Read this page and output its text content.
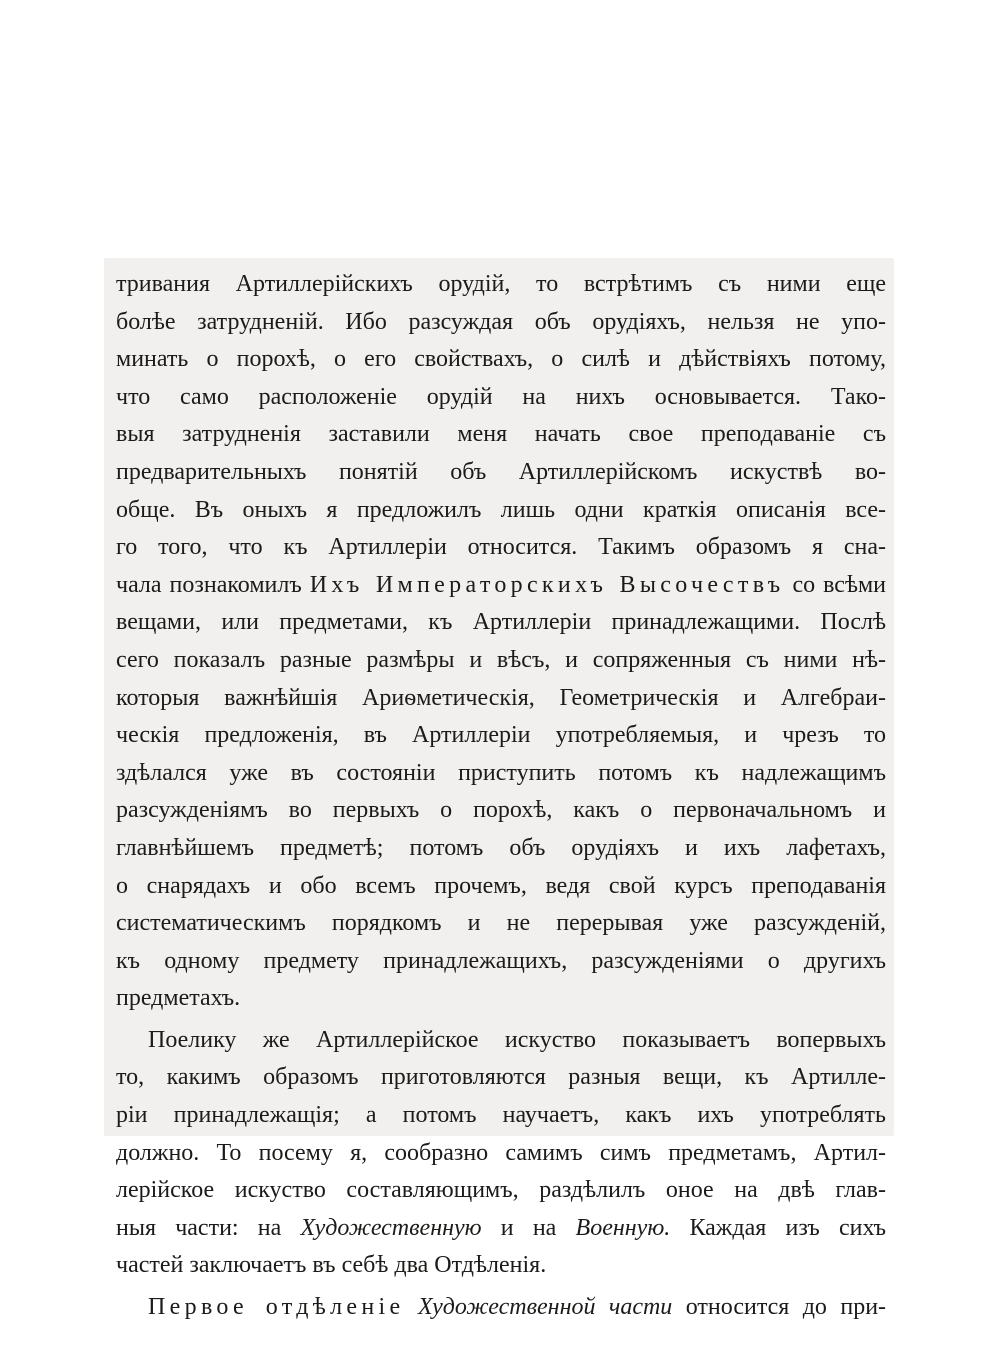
тривания Артиллерiйскихъ орудiй, то встрѣтимъ съ ними еще
болѣе затрудненiй. Ибо разсуждая объ орудiяхъ, нельзя не упо-
минать о порохѣ, о его свойствахъ, о силѣ и дѣйствiяхъ потому,
что само расположенiе орудiй на нихъ основывается. Тако-
выя затрудненiя заставили меня начать свое преподаванiе съ
предварительныхъ понятiй объ Артиллерiйскомъ искуствѣ во-
обще. Въ оныхъ я предложилъ лишь одни краткiя описанiя все-
го того, что къ Артиллерiи относится. Такимъ образомъ я сна-
чала познакомилъ Ихъ Императорскихъ Высочествъ со всѣми
вещами, или предметами, къ Артиллерiи принадлежащими. Послѣ
сего показалъ разные размѣры и вѣсъ, и сопряженныя съ ними нѣ-
которыя важнѣйшiя Ариѳметическiя, Геометрическiя и Алгебраи-
ческiя предложенiя, въ Артиллерiи употребляемыя, и чрезъ то
здѣлался уже въ состоянiи приступить потомъ къ надлежащимъ
разсужденiямъ во первыхъ о порохѣ, какъ о первоначальномъ и
главнѣйшемъ предметѣ; потомъ объ орудiяхъ и ихъ лафетахъ,
о снарядахъ и обо всемъ прочемъ, ведя свой курсъ преподаванiя
систематическимъ порядкомъ и не перерывая уже разсужденiй,
къ одному предмету принадлежащихъ, разсужденiями о другихъ
предметахъ.
Поелику же Артиллерiйское искуство показываетъ вопервыхъ
то, какимъ образомъ приготовляются разныя вещи, къ Артилле-
рiи принадлежащiя; а потомъ научаетъ, какъ ихъ употреблять
должно. То посему я, сообразно самимъ симъ предметамъ, Артил-
лерiйское искуство составляющимъ, раздѣлилъ оное на двѣ глав-
ныя части: на Художественную и на Военную. Каждая изъ сихъ
частей заключаетъ въ себѣ два Отдѣленiя.
Первое отдѣленiе Художественной части относится до при-
